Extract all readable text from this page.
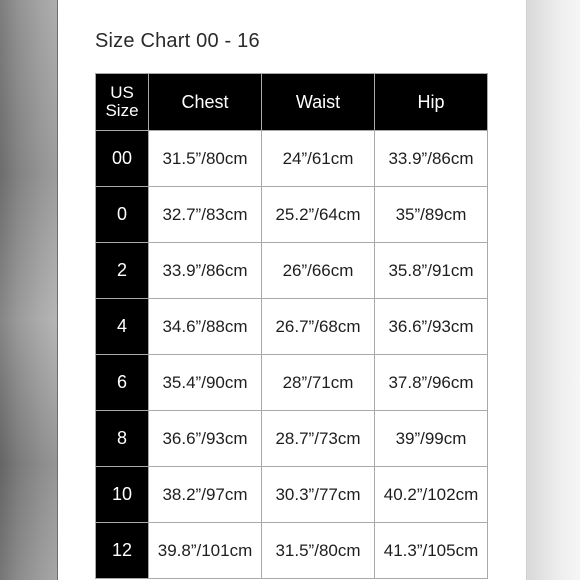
Size Chart 00 - 16
US
Size	Chest	Waist	Hip
00	31.5”/80cm	24”/61cm	33.9”/86cm
0	32.7”/83cm	25.2”/64cm	35”/89cm
2	33.9”/86cm	26”/66cm	35.8”/91cm
4	34.6”/88cm	26.7”/68cm	36.6”/93cm
6	35.4”/90cm	28”/71cm	37.8”/96cm
8	36.6”/93cm	28.7”/73cm	39”/99cm
10	38.2”/97cm	30.3”/77cm	40.2”/102cm
12	39.8”/101cm	31.5”/80cm	41.3”/105cm
